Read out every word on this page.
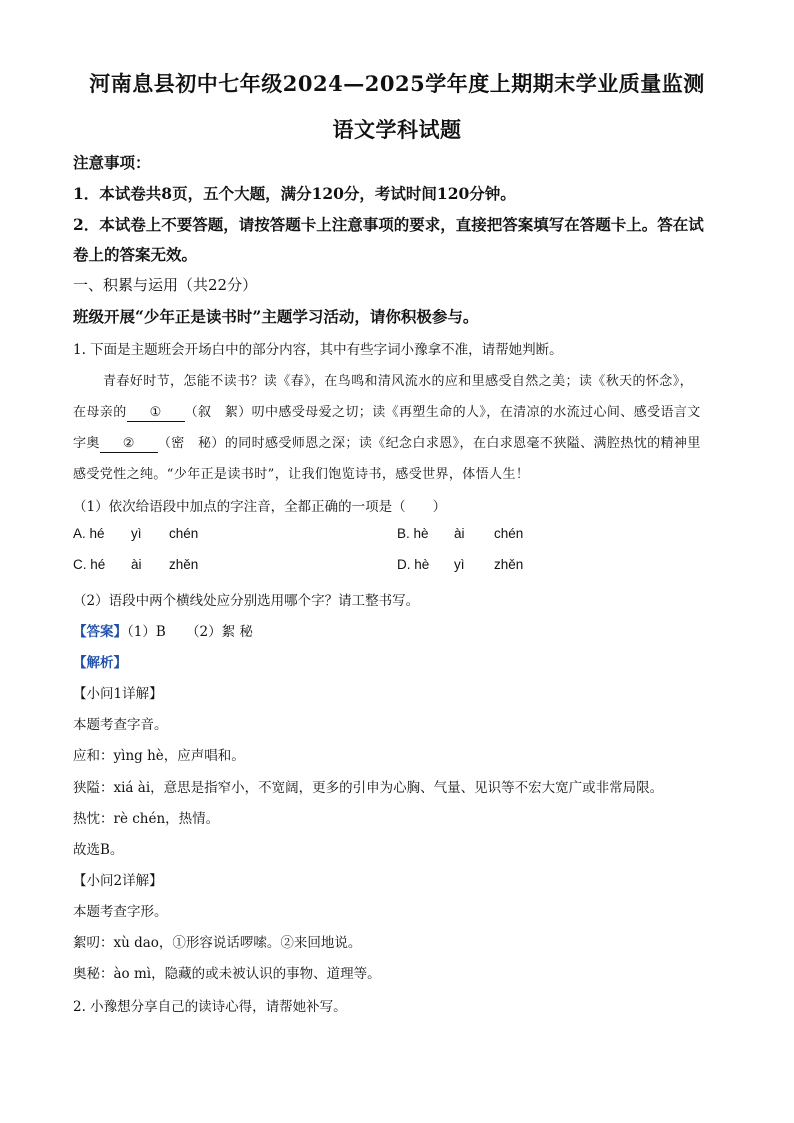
河南息县初中七年级2024—2025学年度上期期末学业质量监测
语文学科试题
注意事项：
1．本试卷共8页，五个大题，满分120分，考试时间120分钟。
2．本试卷上不要答题，请按答题卡上注意事项的要求，直接把答案填写在答题卡上。答在试
卷上的答案无效。
一、积累与运用（共22分）
班级开展“少年正是读书时”主题学习活动，请你积极参与。
1. 下面是主题班会开场白中的部分内容，其中有些字词小豫拿不准，请帮她判断。
青春好时节，怎能不读书？读《春》，在鸟鸣和清风流水的应和里感受自然之美；读《秋天的怀念》，
在母亲的 ① （叙　絮）叨中感受母爱之切；读《再塑生命的人》，在清凉的水流过心间、感受语言文
字奥 ② （密　秘）的同时感受师恩之深；读《纪念白求恩》，在白求恩毫不狭隘、满腔热忱的精神里
感受党性之纯。“少年正是读书时”，让我们饱览诗书，感受世界，体悟人生！
（1）依次给语段中加点的字注音，全都正确的一项是（　　）
A. hé yì chén	B. hè ài chén
C. hé ài zhěn	D. hè yì zhěn
（2）语段中两个横线处应分别选用哪个字？请工整书写。
【答案】（1）B　　（2）絮 秘
【解析】
【小问1详解】
本题考查字音。
应和：yìng hè，应声唱和。
狭隘：xiá ài，意思是指窄小，不宽阔，更多的引申为心胸、气量、见识等不宏大宽广或非常局限。
热忱：rè chén，热情。
故选B。
【小问2详解】
本题考查字形。
絮叨：xù dao，①形容说话啰嗦。②来回地说。
奥秘：ào mì，隐藏的或未被认识的事物、道理等。
2. 小豫想分享自己的读诗心得，请帮她补写。
